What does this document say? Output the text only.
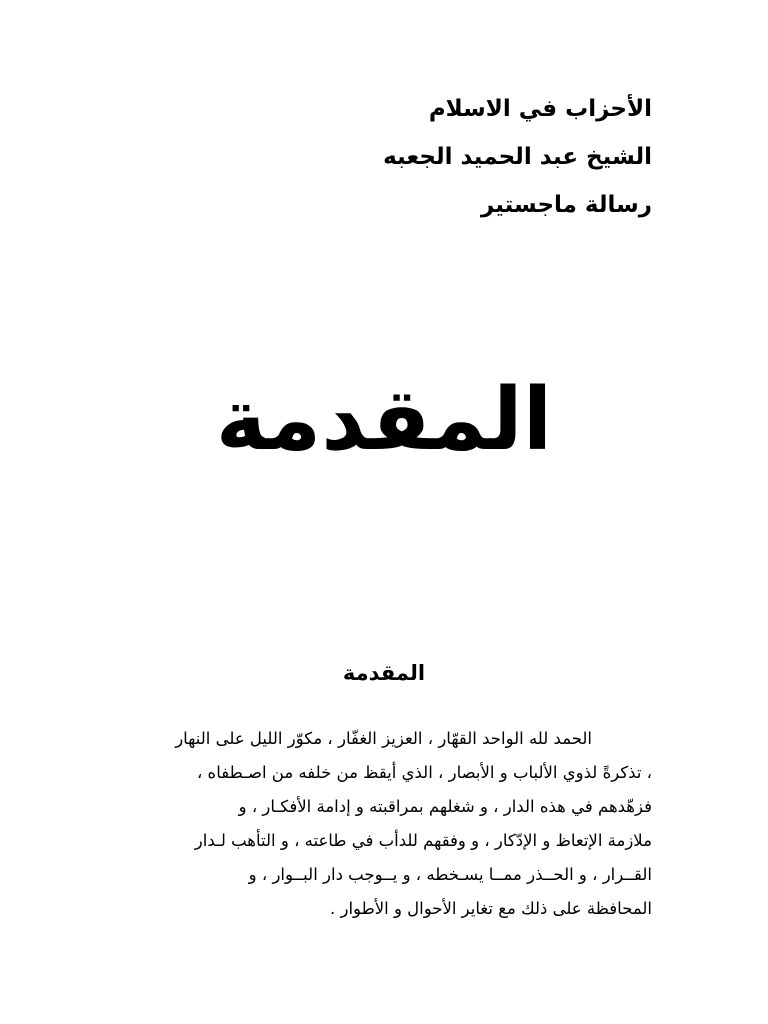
الأحزاب في الاسلام
الشيخ عبد الحميد الجعبه
رسالة ماجستير
المقدمة
المقدمة
الحمد لله الواحد القهّار ، العزيز الغفّار ، مكوّر الليل على النهار
، تذكرةً لذوي الألباب و الأبصار ، الذي أيقظ من خلفه من اصـطفاه ،
فزهّدهم في هذه الدار ، و شغلهم بمراقبته و إدامة الأفكـار ، و
ملازمة الإتعاظ و الإدّكار ، و وفقهم للدأب في طاعته ، و التأهب لـدار
القــرار ، و الحــذر ممــا يسـخطه ، و يــوجب دار البــوار ، و
المحافظة على ذلك مع تغاير الأحوال و الأطوار .
